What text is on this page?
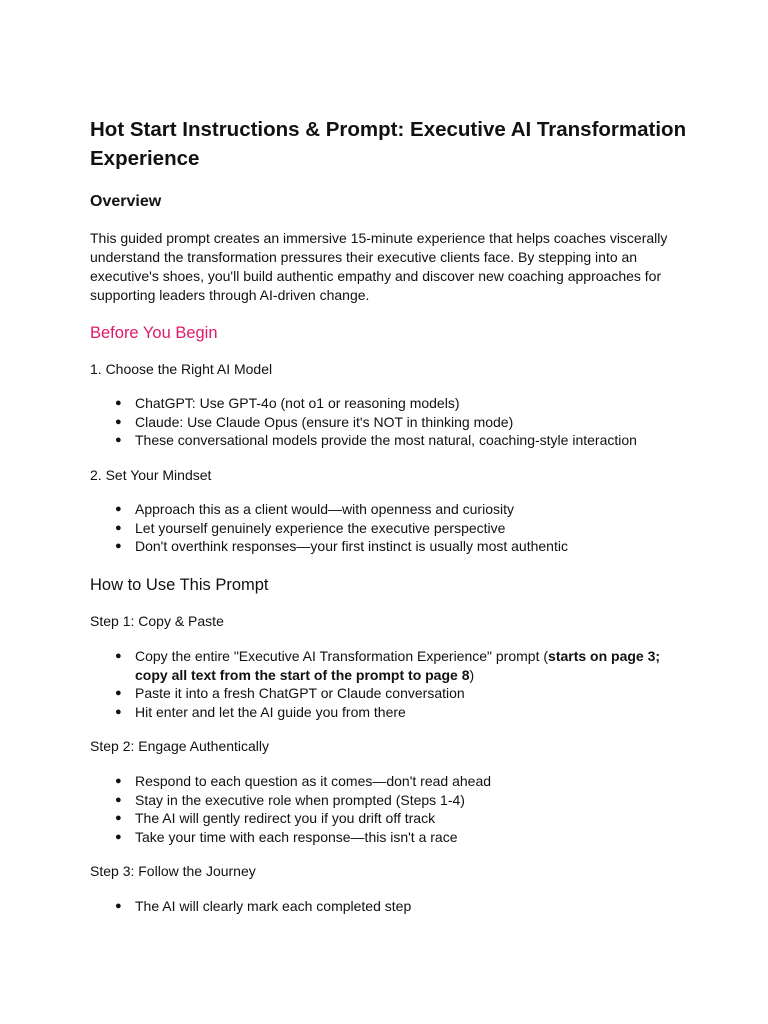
Hot Start Instructions & Prompt: Executive AI Transformation Experience
Overview

This guided prompt creates an immersive 15-minute experience that helps coaches viscerally understand the transformation pressures their executive clients face. By stepping into an executive's shoes, you'll build authentic empathy and discover new coaching approaches for supporting leaders through AI-driven change.

Before You Begin

1. Choose the Right AI Model

● ChatGPT: Use GPT-4o (not o1 or reasoning models)
● Claude: Use Claude Opus (ensure it's NOT in thinking mode)
● These conversational models provide the most natural, coaching-style interaction

2. Set Your Mindset

● Approach this as a client would—with openness and curiosity
● Let yourself genuinely experience the executive perspective
● Don't overthink responses—your first instinct is usually most authentic
How to Use This Prompt

Step 1: Copy & Paste

● Copy the entire "Executive AI Transformation Experience" prompt (starts on page 3; copy all text from the start of the prompt to page 8)
● Paste it into a fresh ChatGPT or Claude conversation
● Hit enter and let the AI guide you from there

Step 2: Engage Authentically

● Respond to each question as it comes—don't read ahead
● Stay in the executive role when prompted (Steps 1-4)
● The AI will gently redirect you if you drift off track
● Take your time with each response—this isn't a race

Step 3: Follow the Journey

● The AI will clearly mark each completed step
